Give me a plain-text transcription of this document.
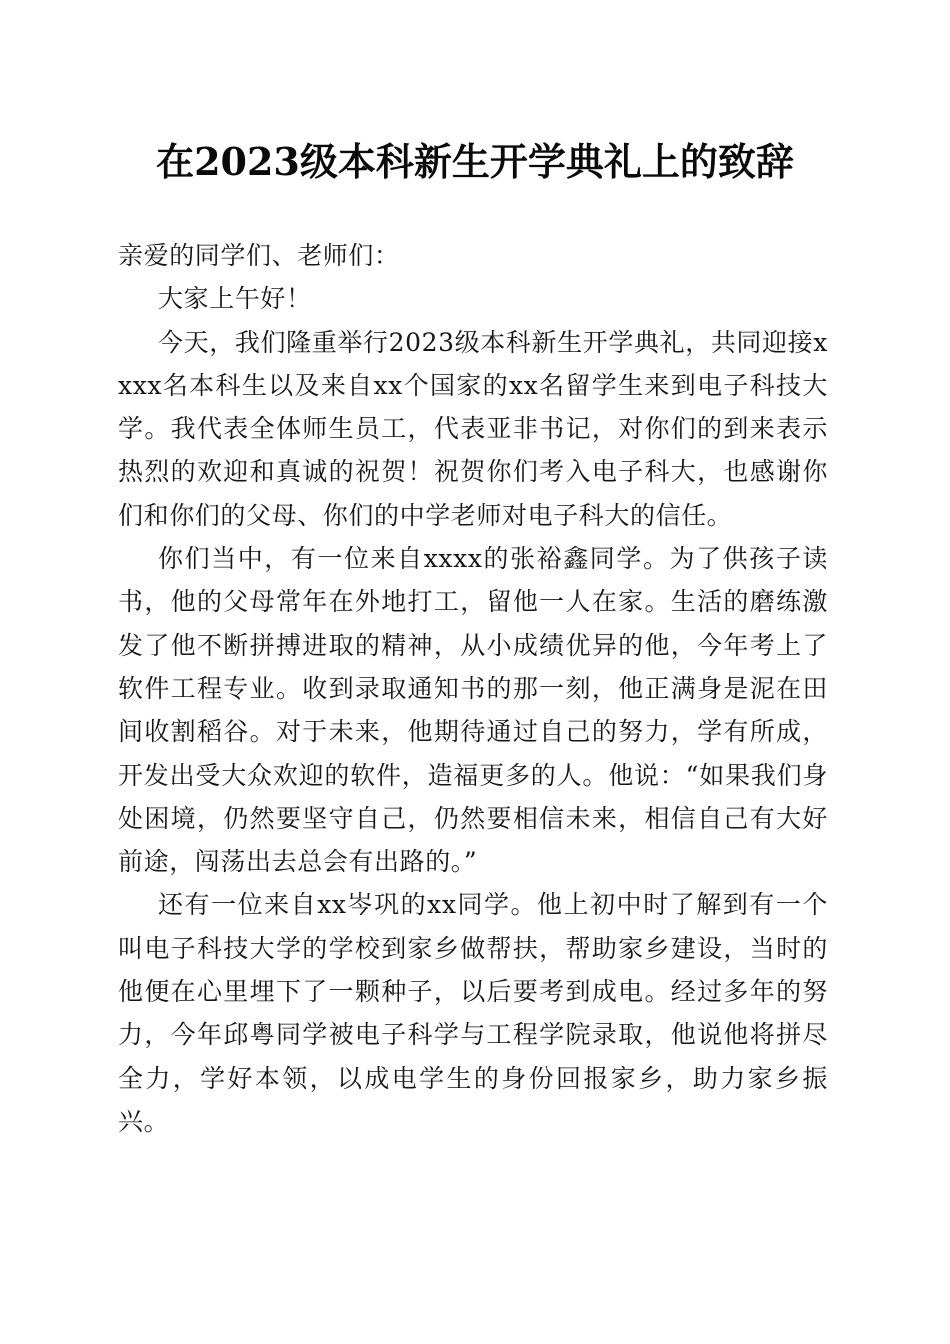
在2023级本科新生开学典礼上的致辞

亲爱的同学们、老师们：

大家上午好！

今天，我们隆重举行2023级本科新生开学典礼，共同迎接xxxx名本科生以及来自xx个国家的xx名留学生来到电子科技大学。我代表全体师生员工，代表亚非书记，对你们的到来表示热烈的欢迎和真诚的祝贺！祝贺你们考入电子科大，也感谢你们和你们的父母、你们的中学老师对电子科大的信任。

你们当中，有一位来自xxxx的张裕鑫同学。为了供孩子读书，他的父母常年在外地打工，留他一人在家。生活的磨练激发了他不断拼搏进取的精神，从小成绩优异的他，今年考上了软件工程专业。收到录取通知书的那一刻，他正满身是泥在田间收割稻谷。对于未来，他期待通过自己的努力，学有所成，开发出受大众欢迎的软件，造福更多的人。他说：“如果我们身处困境，仍然要坚守自己，仍然要相信未来，相信自己有大好前途，闯荡出去总会有出路的。”

还有一位来自xx岑巩的xx同学。他上初中时了解到有一个叫电子科技大学的学校到家乡做帮扶，帮助家乡建设，当时的他便在心里埋下了一颗种子，以后要考到成电。经过多年的努力，今年邱粤同学被电子科学与工程学院录取，他说他将拼尽全力，学好本领，以成电学生的身份回报家乡，助力家乡振兴。
